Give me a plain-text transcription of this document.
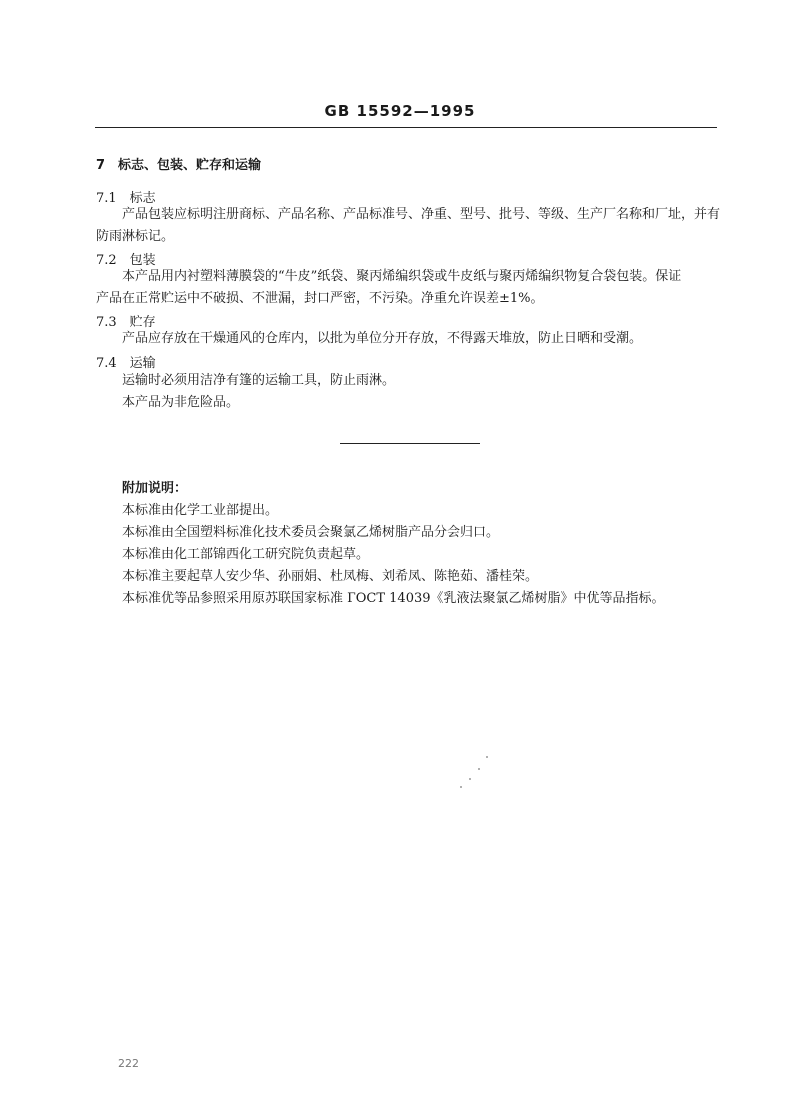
GB 15592—1995
7　标志、包装、贮存和运输
7.1　标志
产品包装应标明注册商标、产品名称、产品标准号、净重、型号、批号、等级、生产厂名称和厂址，并有
防雨淋标记。
7.2　包装
本产品用内衬塑料薄膜袋的“牛皮”纸袋、聚丙烯编织袋或牛皮纸与聚丙烯编织物复合袋包装。保证
产品在正常贮运中不破损、不泄漏，封口严密，不污染。净重允许误差±1%。
7.3　贮存
产品应存放在干燥通风的仓库内，以批为单位分开存放，不得露天堆放，防止日晒和受潮。
7.4　运输
运输时必须用洁净有篷的运输工具，防止雨淋。
本产品为非危险品。
附加说明：
本标准由化学工业部提出。
本标准由全国塑料标准化技术委员会聚氯乙烯树脂产品分会归口。
本标准由化工部锦西化工研究院负责起草。
本标准主要起草人安少华、孙丽娟、杜凤梅、刘希凤、陈艳茹、潘桂荣。
本标准优等品参照采用原苏联国家标准 ГОСТ 14039《乳液法聚氯乙烯树脂》中优等品指标。
222
